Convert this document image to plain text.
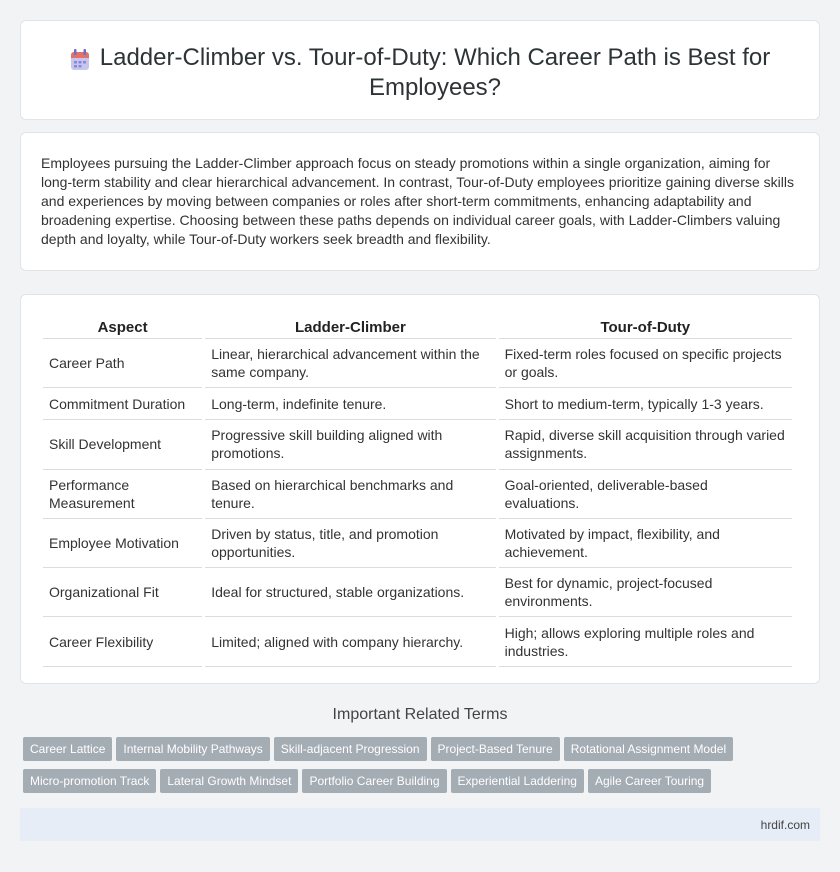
Ladder-Climber vs. Tour-of-Duty: Which Career Path is Best for Employees?

Employees pursuing the Ladder-Climber approach focus on steady promotions within a single organization, aiming for long-term stability and clear hierarchical advancement. In contrast, Tour-of-Duty employees prioritize gaining diverse skills and experiences by moving between companies or roles after short-term commitments, enhancing adaptability and broadening expertise. Choosing between these paths depends on individual career goals, with Ladder-Climbers valuing depth and loyalty, while Tour-of-Duty workers seek breadth and flexibility.

Aspect	Ladder-Climber	Tour-of-Duty
Career Path	Linear, hierarchical advancement within the same company.	Fixed-term roles focused on specific projects or goals.
Commitment Duration	Long-term, indefinite tenure.	Short to medium-term, typically 1-3 years.
Skill Development	Progressive skill building aligned with promotions.	Rapid, diverse skill acquisition through varied assignments.
Performance Measurement	Based on hierarchical benchmarks and tenure.	Goal-oriented, deliverable-based evaluations.
Employee Motivation	Driven by status, title, and promotion opportunities.	Motivated by impact, flexibility, and achievement.
Organizational Fit	Ideal for structured, stable organizations.	Best for dynamic, project-focused environments.
Career Flexibility	Limited; aligned with company hierarchy.	High; allows exploring multiple roles and industries.
Important Related Terms
Career Lattice Internal Mobility Pathways Skill-adjacent Progression Project-Based Tenure Rotational Assignment Model
Micro-promotion Track Lateral Growth Mindset Portfolio Career Building Experiential Laddering Agile Career Touring
hrdif.com
